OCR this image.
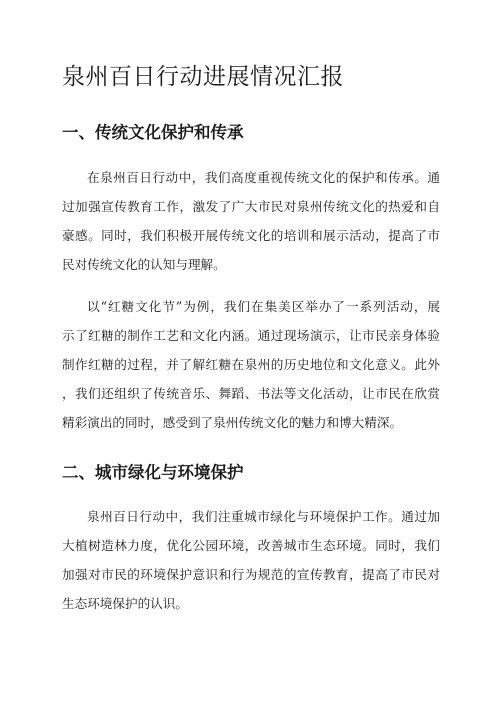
泉州百日行动进展情况汇报
一、传统文化保护和传承
在泉州百日行动中，我们高度重视传统文化的保护和传承。通
过加强宣传教育工作，激发了广大市民对泉州传统文化的热爱和自
豪感。同时，我们积极开展传统文化的培训和展示活动，提高了市
民对传统文化的认知与理解。
以“红糖文化节”为例，我们在集美区举办了一系列活动，展
示了红糖的制作工艺和文化内涵。通过现场演示，让市民亲身体验
制作红糖的过程，并了解红糖在泉州的历史地位和文化意义。此外
，我们还组织了传统音乐、舞蹈、书法等文化活动，让市民在欣赏
精彩演出的同时，感受到了泉州传统文化的魅力和博大精深。
二、城市绿化与环境保护
泉州百日行动中，我们注重城市绿化与环境保护工作。通过加
大植树造林力度，优化公园环境，改善城市生态环境。同时，我们
加强对市民的环境保护意识和行为规范的宣传教育，提高了市民对
生态环境保护的认识。
